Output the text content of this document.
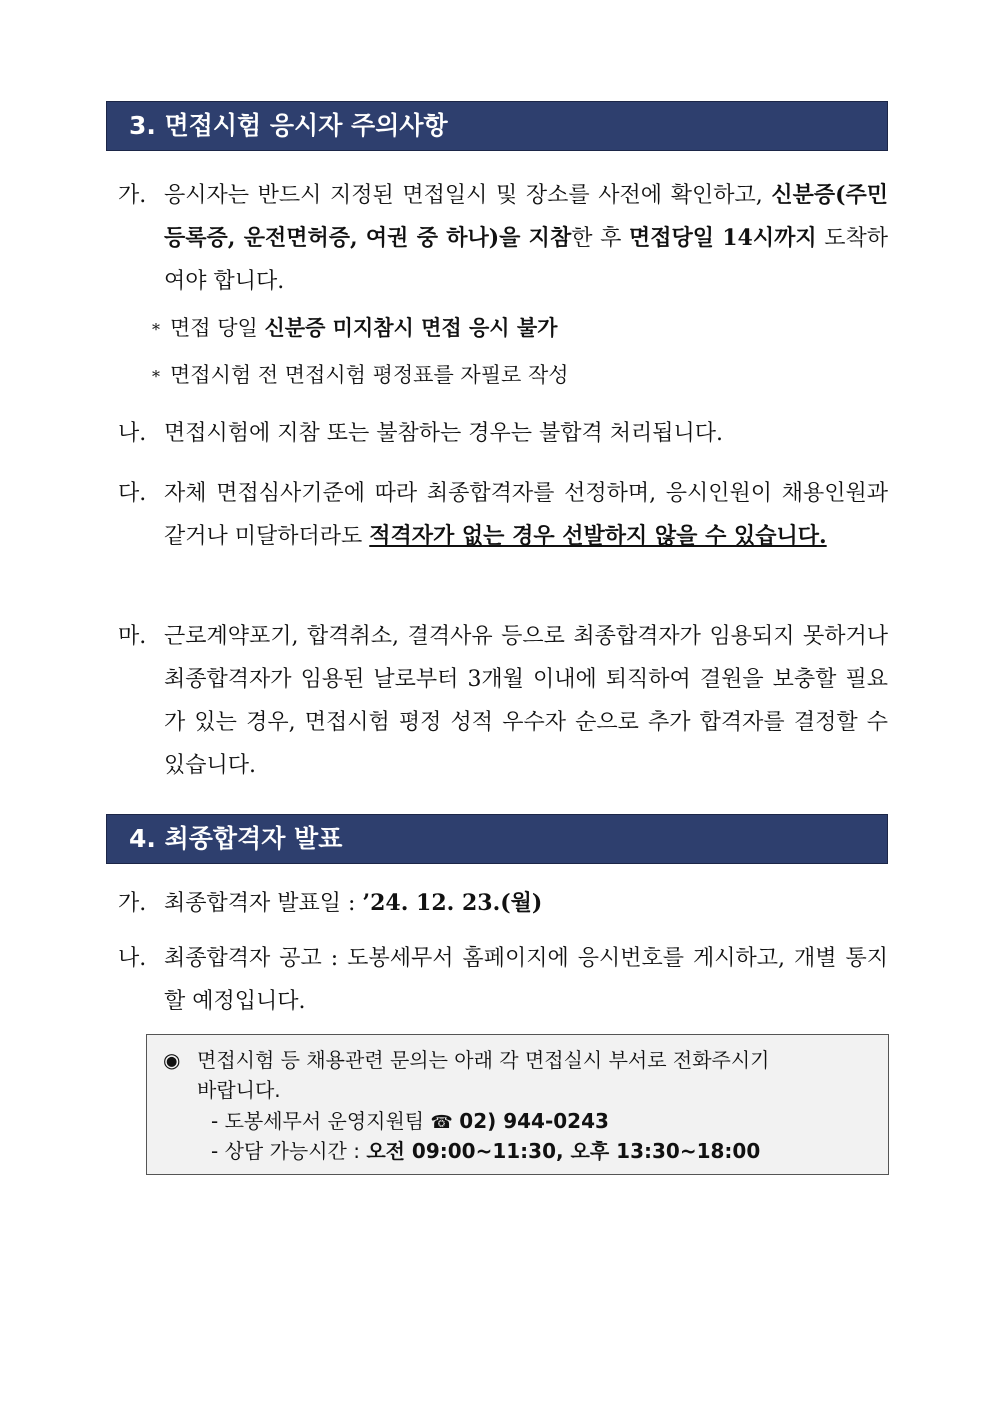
3. 면접시험 응시자 주의사항
가. 응시자는 반드시 지정된 면접일시 및 장소를 사전에 확인하고, 신분증(주민등록증, 운전면허증, 여권 중 하나)을 지참한 후 면접당일 14시까지 도착하여야 합니다.
* 면접 당일 신분증 미지참시 면접 응시 불가
* 면접시험 전 면접시험 평정표를 자필로 작성
나. 면접시험에 지참 또는 불참하는 경우는 불합격 처리됩니다.
다. 자체 면접심사기준에 따라 최종합격자를 선정하며, 응시인원이 채용인원과 같거나 미달하더라도 적격자가 없는 경우 선발하지 않을 수 있습니다.
마. 근로계약포기, 합격취소, 결격사유 등으로 최종합격자가 임용되지 못하거나 최종합격자가 임용된 날로부터 3개월 이내에 퇴직하여 결원을 보충할 필요가 있는 경우, 면접시험 평정 성적 우수자 순으로 추가 합격자를 결정할 수 있습니다.
4. 최종합격자 발표
가. 최종합격자 발표일 : ’24. 12. 23.(월)
나. 최종합격자 공고 : 도봉세무서 홈페이지에 응시번호를 게시하고, 개별 통지할 예정입니다.
◉ 면접시험 등 채용관련 문의는 아래 각 면접실시 부서로 전화주시기
바랍니다.
- 도봉세무서 운영지원팀 ☎ 02) 944-0243
- 상담 가능시간 : 오전 09:00~11:30, 오후 13:30~18:00
